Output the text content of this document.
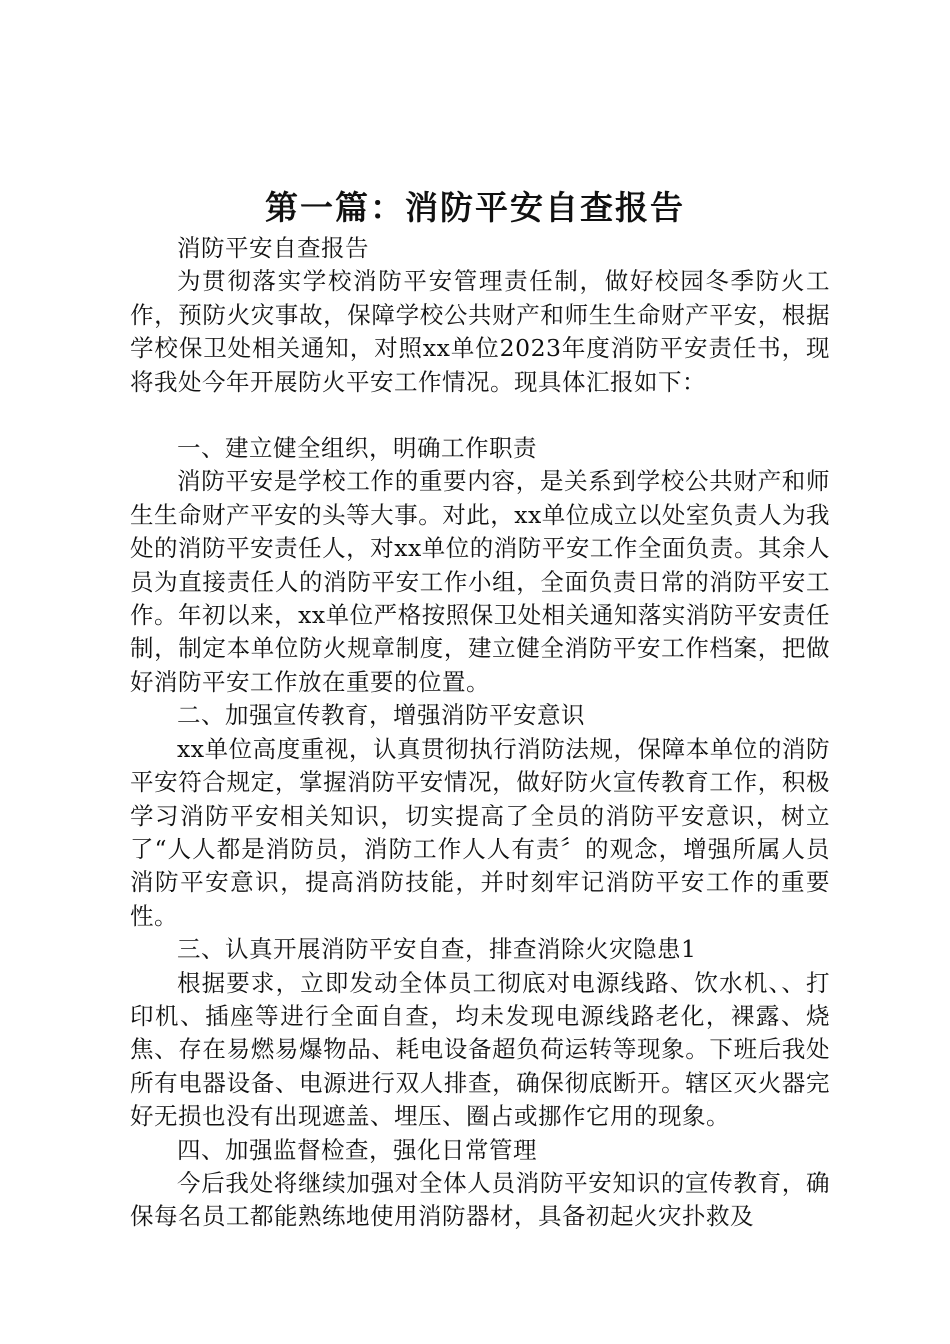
第一篇：消防平安自查报告

消防平安自查报告

为贯彻落实学校消防平安管理责任制，做好校园冬季防火工作，预防火灾事故，保障学校公共财产和师生生命财产平安，根据学校保卫处相关通知，对照xx单位2023年度消防平安责任书，现将我处今年开展防火平安工作情况。现具体汇报如下：

一、建立健全组织，明确工作职责

消防平安是学校工作的重要内容，是关系到学校公共财产和师生生命财产平安的头等大事。对此，xx单位成立以处室负责人为我处的消防平安责任人，对xx单位的消防平安工作全面负责。其余人员为直接责任人的消防平安工作小组，全面负责日常的消防平安工作。年初以来，xx单位严格按照保卫处相关通知落实消防平安责任制，制定本单位防火规章制度，建立健全消防平安工作档案，把做好消防平安工作放在重要的位置。

二、加强宣传教育，增强消防平安意识

xx单位高度重视，认真贯彻执行消防法规，保障本单位的消防平安符合规定，掌握消防平安情况，做好防火宣传教育工作，积极学习消防平安相关知识，切实提高了全员的消防平安意识，树立了“人人都是消防员，消防工作人人有责〞的观念，增强所属人员消防平安意识，提高消防技能，并时刻牢记消防平安工作的重要性。

三、认真开展消防平安自查，排查消除火灾隐患1

根据要求，立即发动全体员工彻底对电源线路、饮水机、、打印机、插座等进行全面自查，均未发现电源线路老化，裸露、烧焦、存在易燃易爆物品、耗电设备超负荷运转等现象。下班后我处所有电器设备、电源进行双人排查，确保彻底断开。辖区灭火器完好无损也没有出现遮盖、埋压、圈占或挪作它用的现象。

四、加强监督检查，强化日常管理

今后我处将继续加强对全体人员消防平安知识的宣传教育，确保每名员工都能熟练地使用消防器材，具备初起火灾扑救及
